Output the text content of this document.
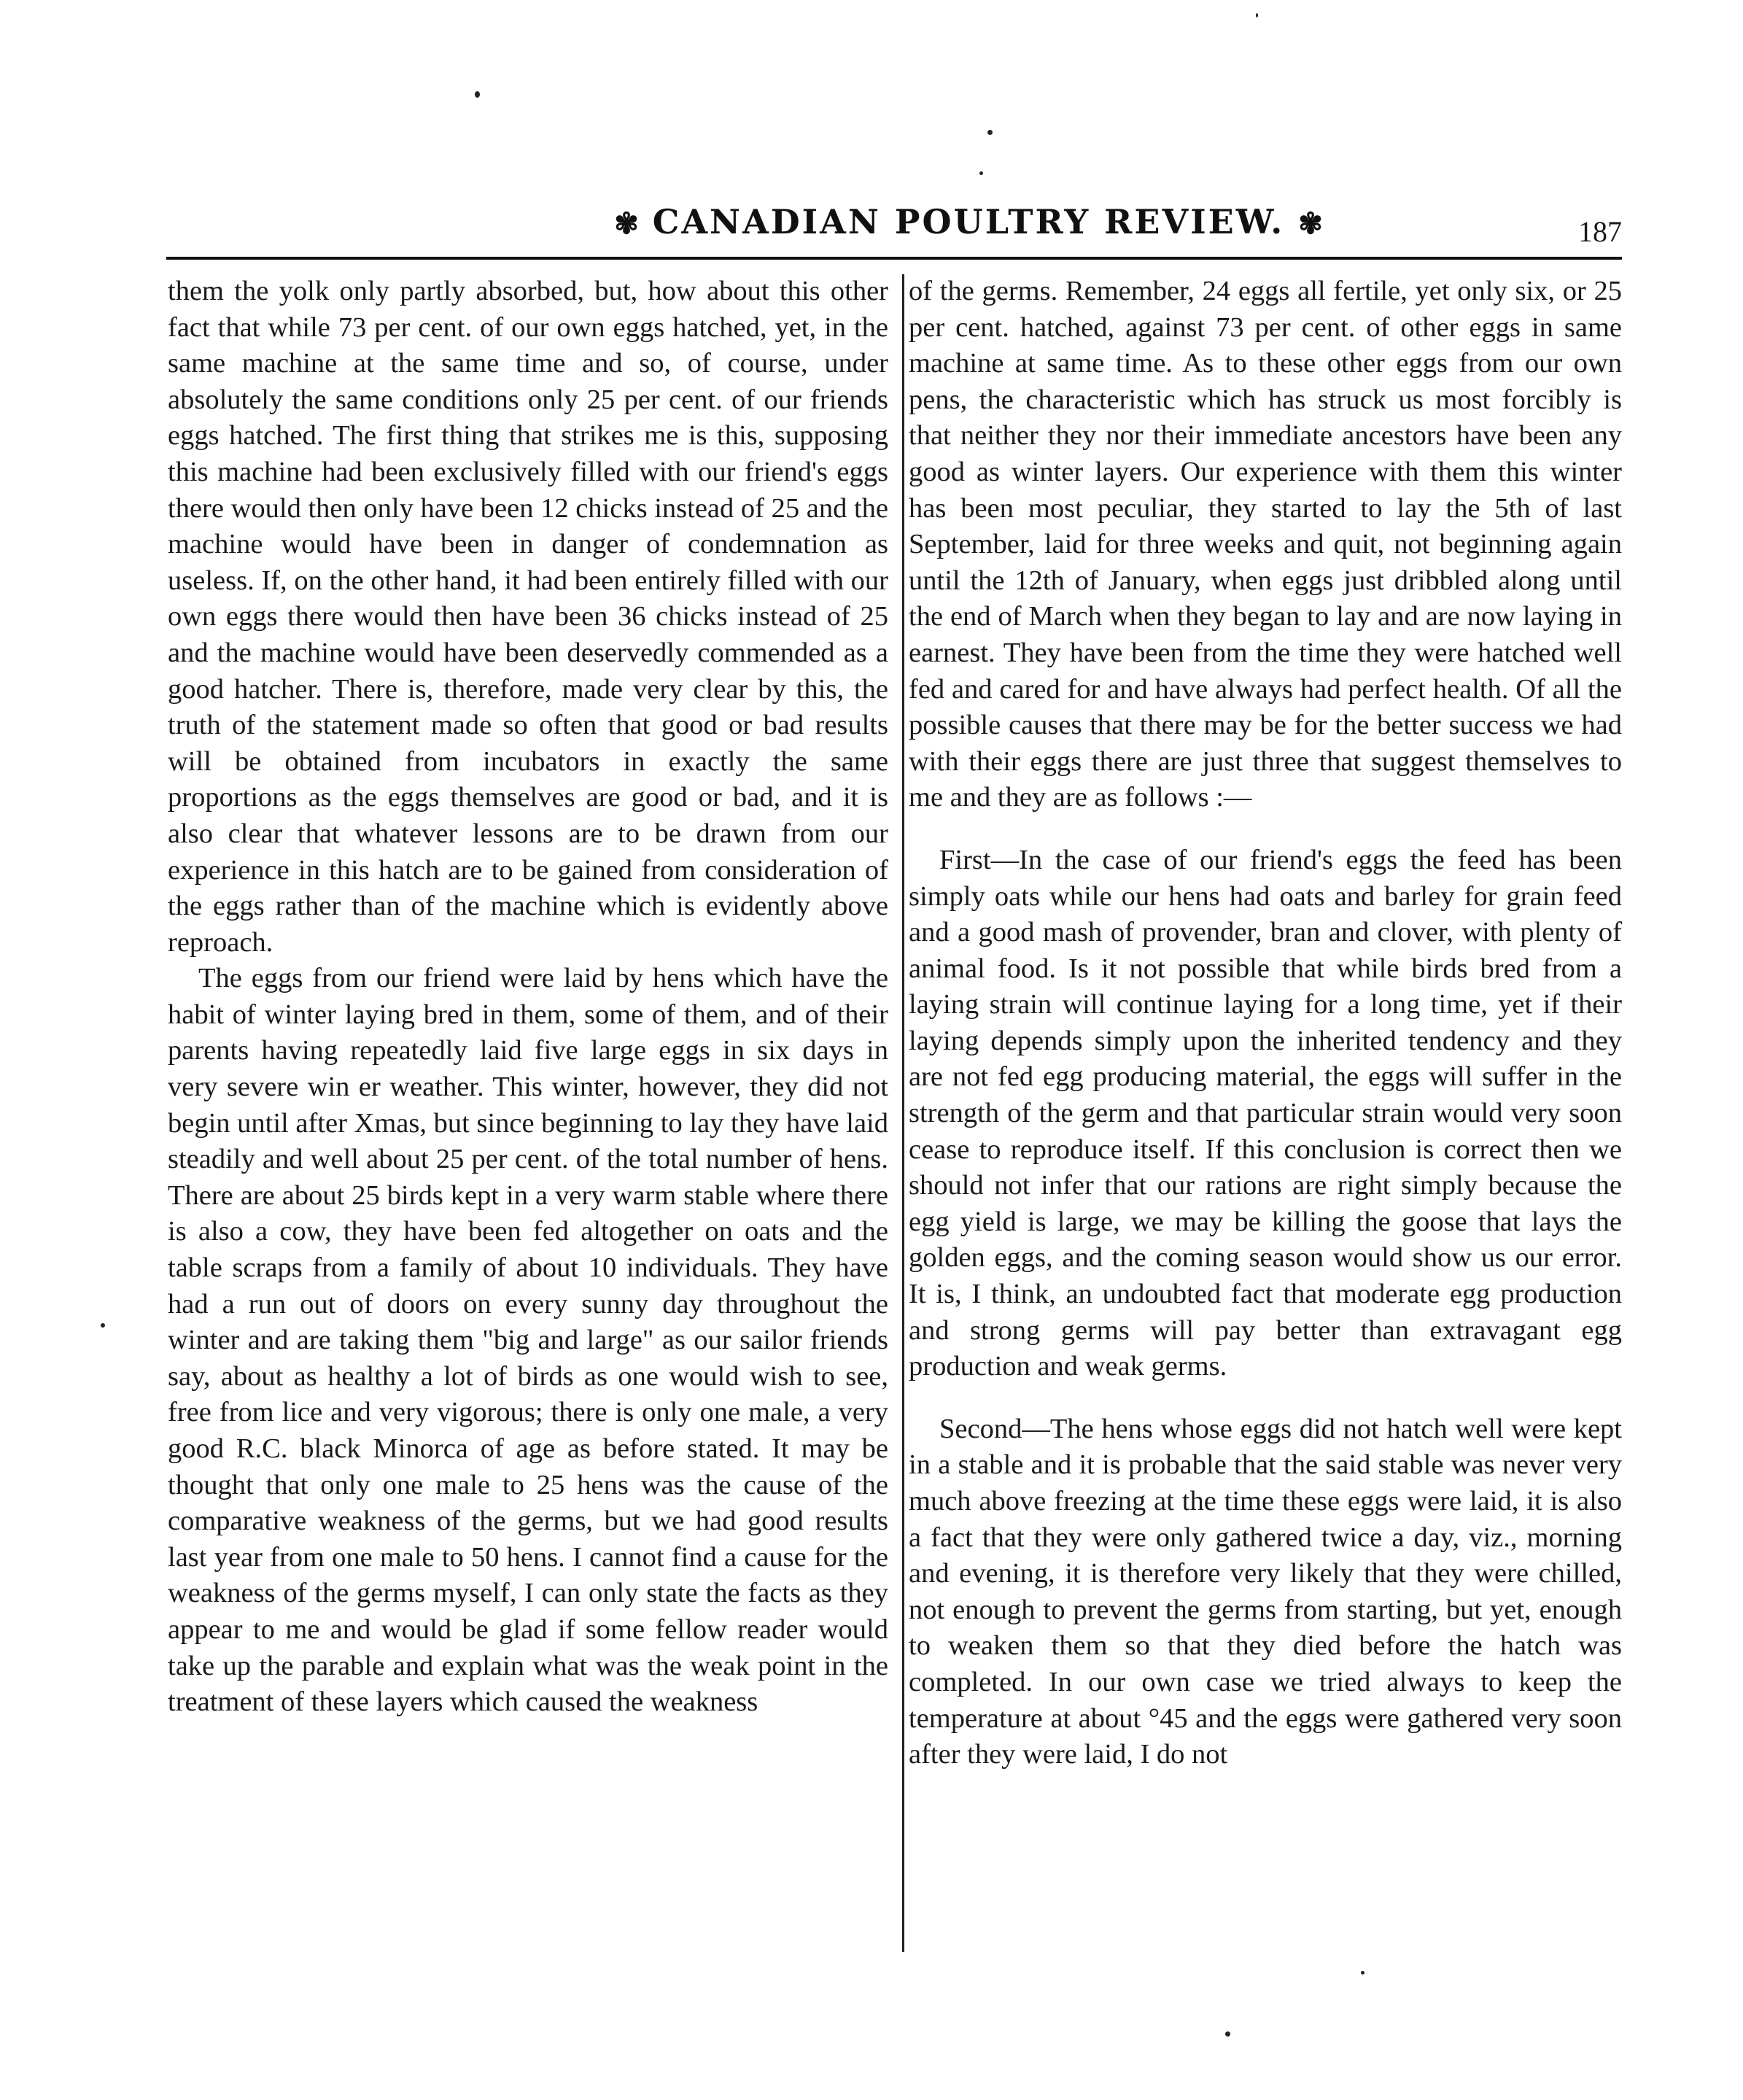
✾ CANADIAN POULTRY REVIEW. ✾	187

them the yolk only partly absorbed, but, how about this other fact that while 73 per cent. of our own eggs hatched, yet, in the same machine at the same time and so, of course, under absolutely the same conditions only 25 per cent. of our friends eggs hatched. The first thing that strikes me is this, supposing this machine had been exclusively filled with our friend's eggs there would then only have been 12 chicks instead of 25 and the machine would have been in danger of condemnation as useless. If, on the other hand, it had been entirely filled with our own eggs there would then have been 36 chicks instead of 25 and the machine would have been deservedly commended as a good hatcher. There is, therefore, made very clear by this, the truth of the statement made so often that good or bad results will be obtained from incubators in exactly the same proportions as the eggs themselves are good or bad, and it is also clear that whatever lessons are to be drawn from our experience in this hatch are to be gained from consideration of the eggs rather than of the machine which is evidently above reproach.

The eggs from our friend were laid by hens which have the habit of winter laying bred in them, some of them, and of their parents having repeatedly laid five large eggs in six days in very severe win er weather. This winter, however, they did not begin until after Xmas, but since beginning to lay they have laid steadily and well about 25 per cent. of the total number of hens. There are about 25 birds kept in a very warm stable where there is also a cow, they have been fed altogether on oats and the table scraps from a family of about 10 individuals. They have had a run out of doors on every sunny day throughout the winter and are taking them "big and large" as our sailor friends say, about as healthy a lot of birds as one would wish to see, free from lice and very vigorous; there is only one male, a very good R.C. black Minorca of age as before stated. It may be thought that only one male to 25 hens was the cause of the comparative weakness of the germs, but we had good results last year from one male to 50 hens. I cannot find a cause for the weakness of the germs myself, I can only state the facts as they appear to me and would be glad if some fellow reader would take up the parable and explain what was the weak point in the treatment of these layers which caused the weakness

of the germs. Remember, 24 eggs all fertile, yet only six, or 25 per cent. hatched, against 73 per cent. of other eggs in same machine at same time. As to these other eggs from our own pens, the characteristic which has struck us most forcibly is that neither they nor their immediate ancestors have been any good as winter layers. Our experience with them this winter has been most peculiar, they started to lay the 5th of last September, laid for three weeks and quit, not beginning again until the 12th of January, when eggs just dribbled along until the end of March when they began to lay and are now laying in earnest. They have been from the time they were hatched well fed and cared for and have always had perfect health. Of all the possible causes that there may be for the better success we had with their eggs there are just three that suggest themselves to me and they are as follows :—

First—In the case of our friend's eggs the feed has been simply oats while our hens had oats and barley for grain feed and a good mash of provender, bran and clover, with plenty of animal food. Is it not possible that while birds bred from a laying strain will continue laying for a long time, yet if their laying depends simply upon the inherited tendency and they are not fed egg producing material, the eggs will suffer in the strength of the germ and that particular strain would very soon cease to reproduce itself. If this conclusion is correct then we should not infer that our rations are right simply because the egg yield is large, we may be killing the goose that lays the golden eggs, and the coming season would show us our error. It is, I think, an undoubted fact that moderate egg production and strong germs will pay better than extravagant egg production and weak germs.

Second—The hens whose eggs did not hatch well were kept in a stable and it is probable that the said stable was never very much above freezing at the time these eggs were laid, it is also a fact that they were only gathered twice a day, viz., morning and evening, it is therefore very likely that they were chilled, not enough to prevent the germs from starting, but yet, enough to weaken them so that they died before the hatch was completed. In our own case we tried always to keep the temperature at about °45 and the eggs were gathered very soon after they were laid, I do not
